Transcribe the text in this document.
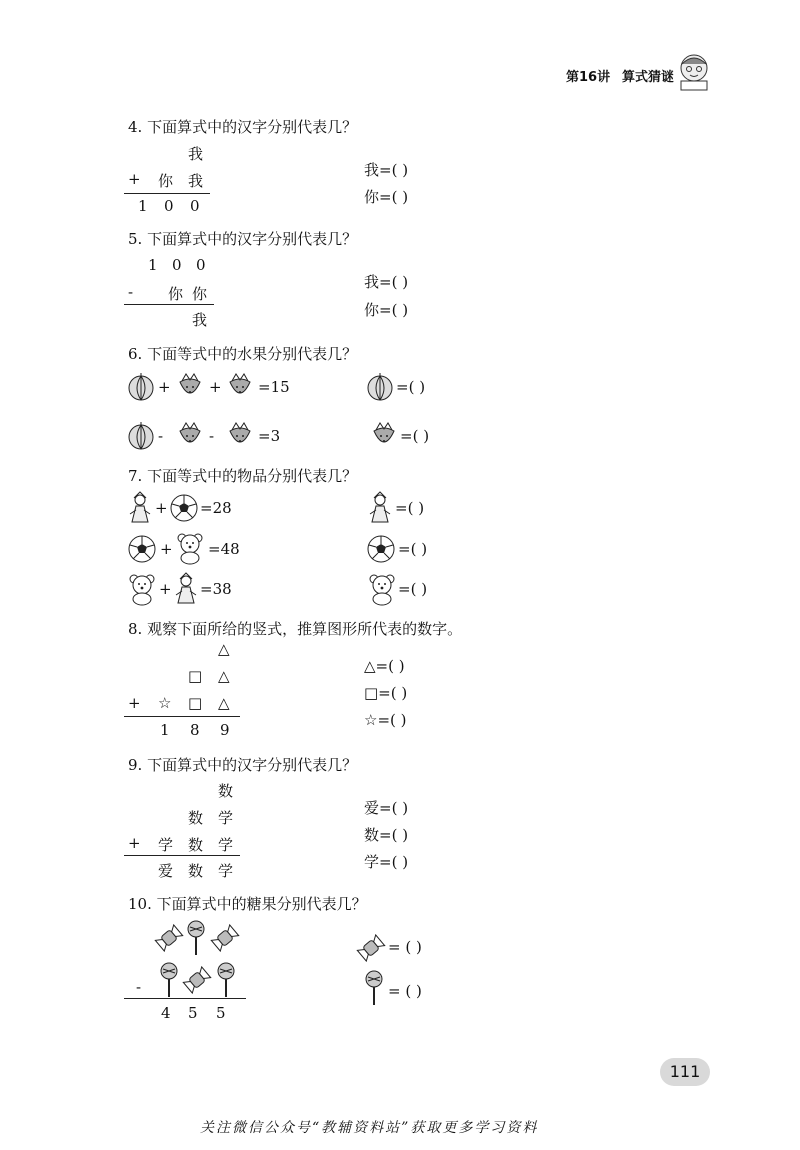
第16讲 算式猜谜
4. 下面算式中的汉字分别代表几？
我
+ 你 我
1 0 0
我=( )
你=( )
5. 下面算式中的汉字分别代表几？
1 0 0
- 你 你
我
我=( )
你=( )
6. 下面等式中的水果分别代表几？
+	+ =15
-	-	=3
=( )
=( )
7. 下面等式中的物品分别代表几？
+ =28
+ =48
+ =38
=( )
=( )
=( )
8. 观察下面所给的竖式，推算图形所代表的数字。
△
□ △
+ ☆ □ △
1 8 9
△=( )
□=( )
☆=( )
9. 下面算式中的汉字分别代表几？
数
数 学
+ 学 数 学
爱 数 学
爱=( )
数=( )
学=( )
10. 下面算式中的糖果分别代表几？
-
4 5 5
= ( )
= ( )
111
关注微信公众号“教辅资料站”获取更多学习资料
